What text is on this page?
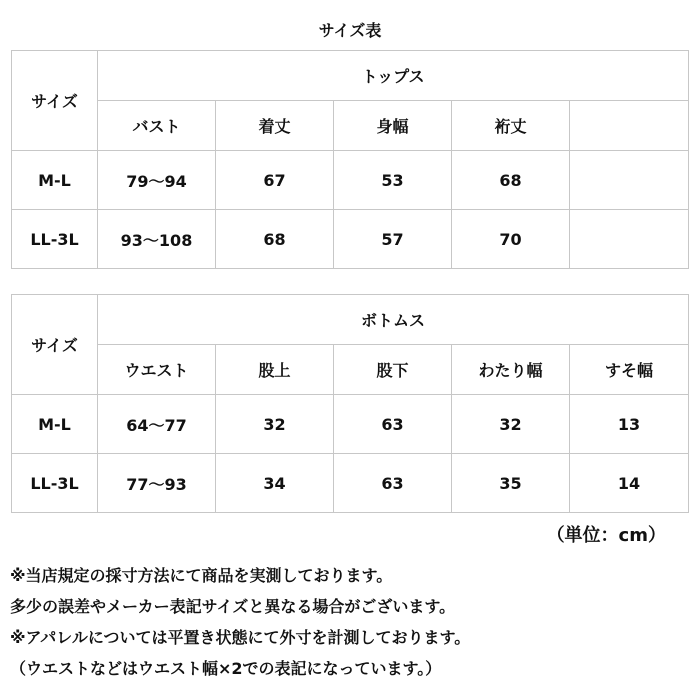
サイズ表
サイズ	トップス				
	バスト	着丈	身幅	裄丈	
M-L	79～94	67	53	68	
LL-3L	93～108	68	57	70	
サイズ	ボトムス				
	ウエスト	股上	股下	わたり幅	すそ幅
M-L	64～77	32	63	32	13
LL-3L	77～93	34	63	35	14
（単位：cm）
※当店規定の採寸方法にて商品を実測しております。
多少の誤差やメーカー表記サイズと異なる場合がございます。
※アパレルについては平置き状態にて外寸を計測しております。
（ウエストなどはウエスト幅×2での表記になっています。）
